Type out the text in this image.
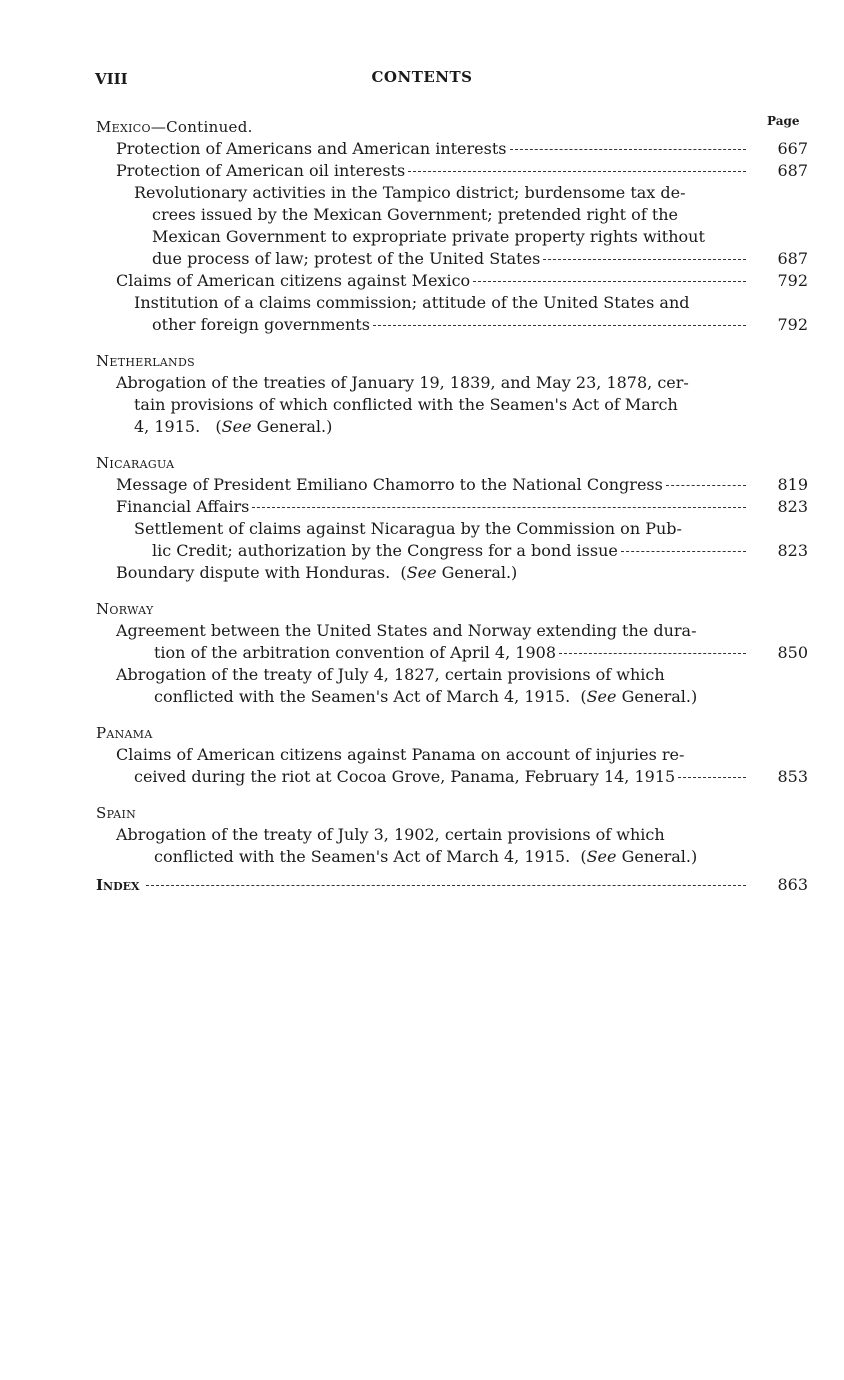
VIII	CONTENTS
Page
Mexico—Continued.
Protection of Americans and American interests	667
Protection of American oil interests	687
Revolutionary activities in the Tampico district; burdensome tax de-
crees issued by the Mexican Government; pretended right of the
Mexican Government to expropriate private property rights without
due process of law; protest of the United States	687
Claims of American citizens against Mexico	792
Institution of a claims commission; attitude of the United States and
other foreign governments	792
Netherlands
Abrogation of the treaties of January 19, 1839, and May 23, 1878, cer-
tain provisions of which conflicted with the Seamen's Act of March
4, 1915. (See General.)
Nicaragua
Message of President Emiliano Chamorro to the National Congress	819
Financial Affairs	823
Settlement of claims against Nicaragua by the Commission on Pub-
lic Credit; authorization by the Congress for a bond issue	823
Boundary dispute with Honduras. (See General.)
Norway
Agreement between the United States and Norway extending the dura-
tion of the arbitration convention of April 4, 1908	850
Abrogation of the treaty of July 4, 1827, certain provisions of which
conflicted with the Seamen's Act of March 4, 1915. (See General.)
Panama
Claims of American citizens against Panama on account of injuries re-
ceived during the riot at Cocoa Grove, Panama, February 14, 1915	853
Spain
Abrogation of the treaty of July 3, 1902, certain provisions of which
conflicted with the Seamen's Act of March 4, 1915. (See General.)
Index	863
